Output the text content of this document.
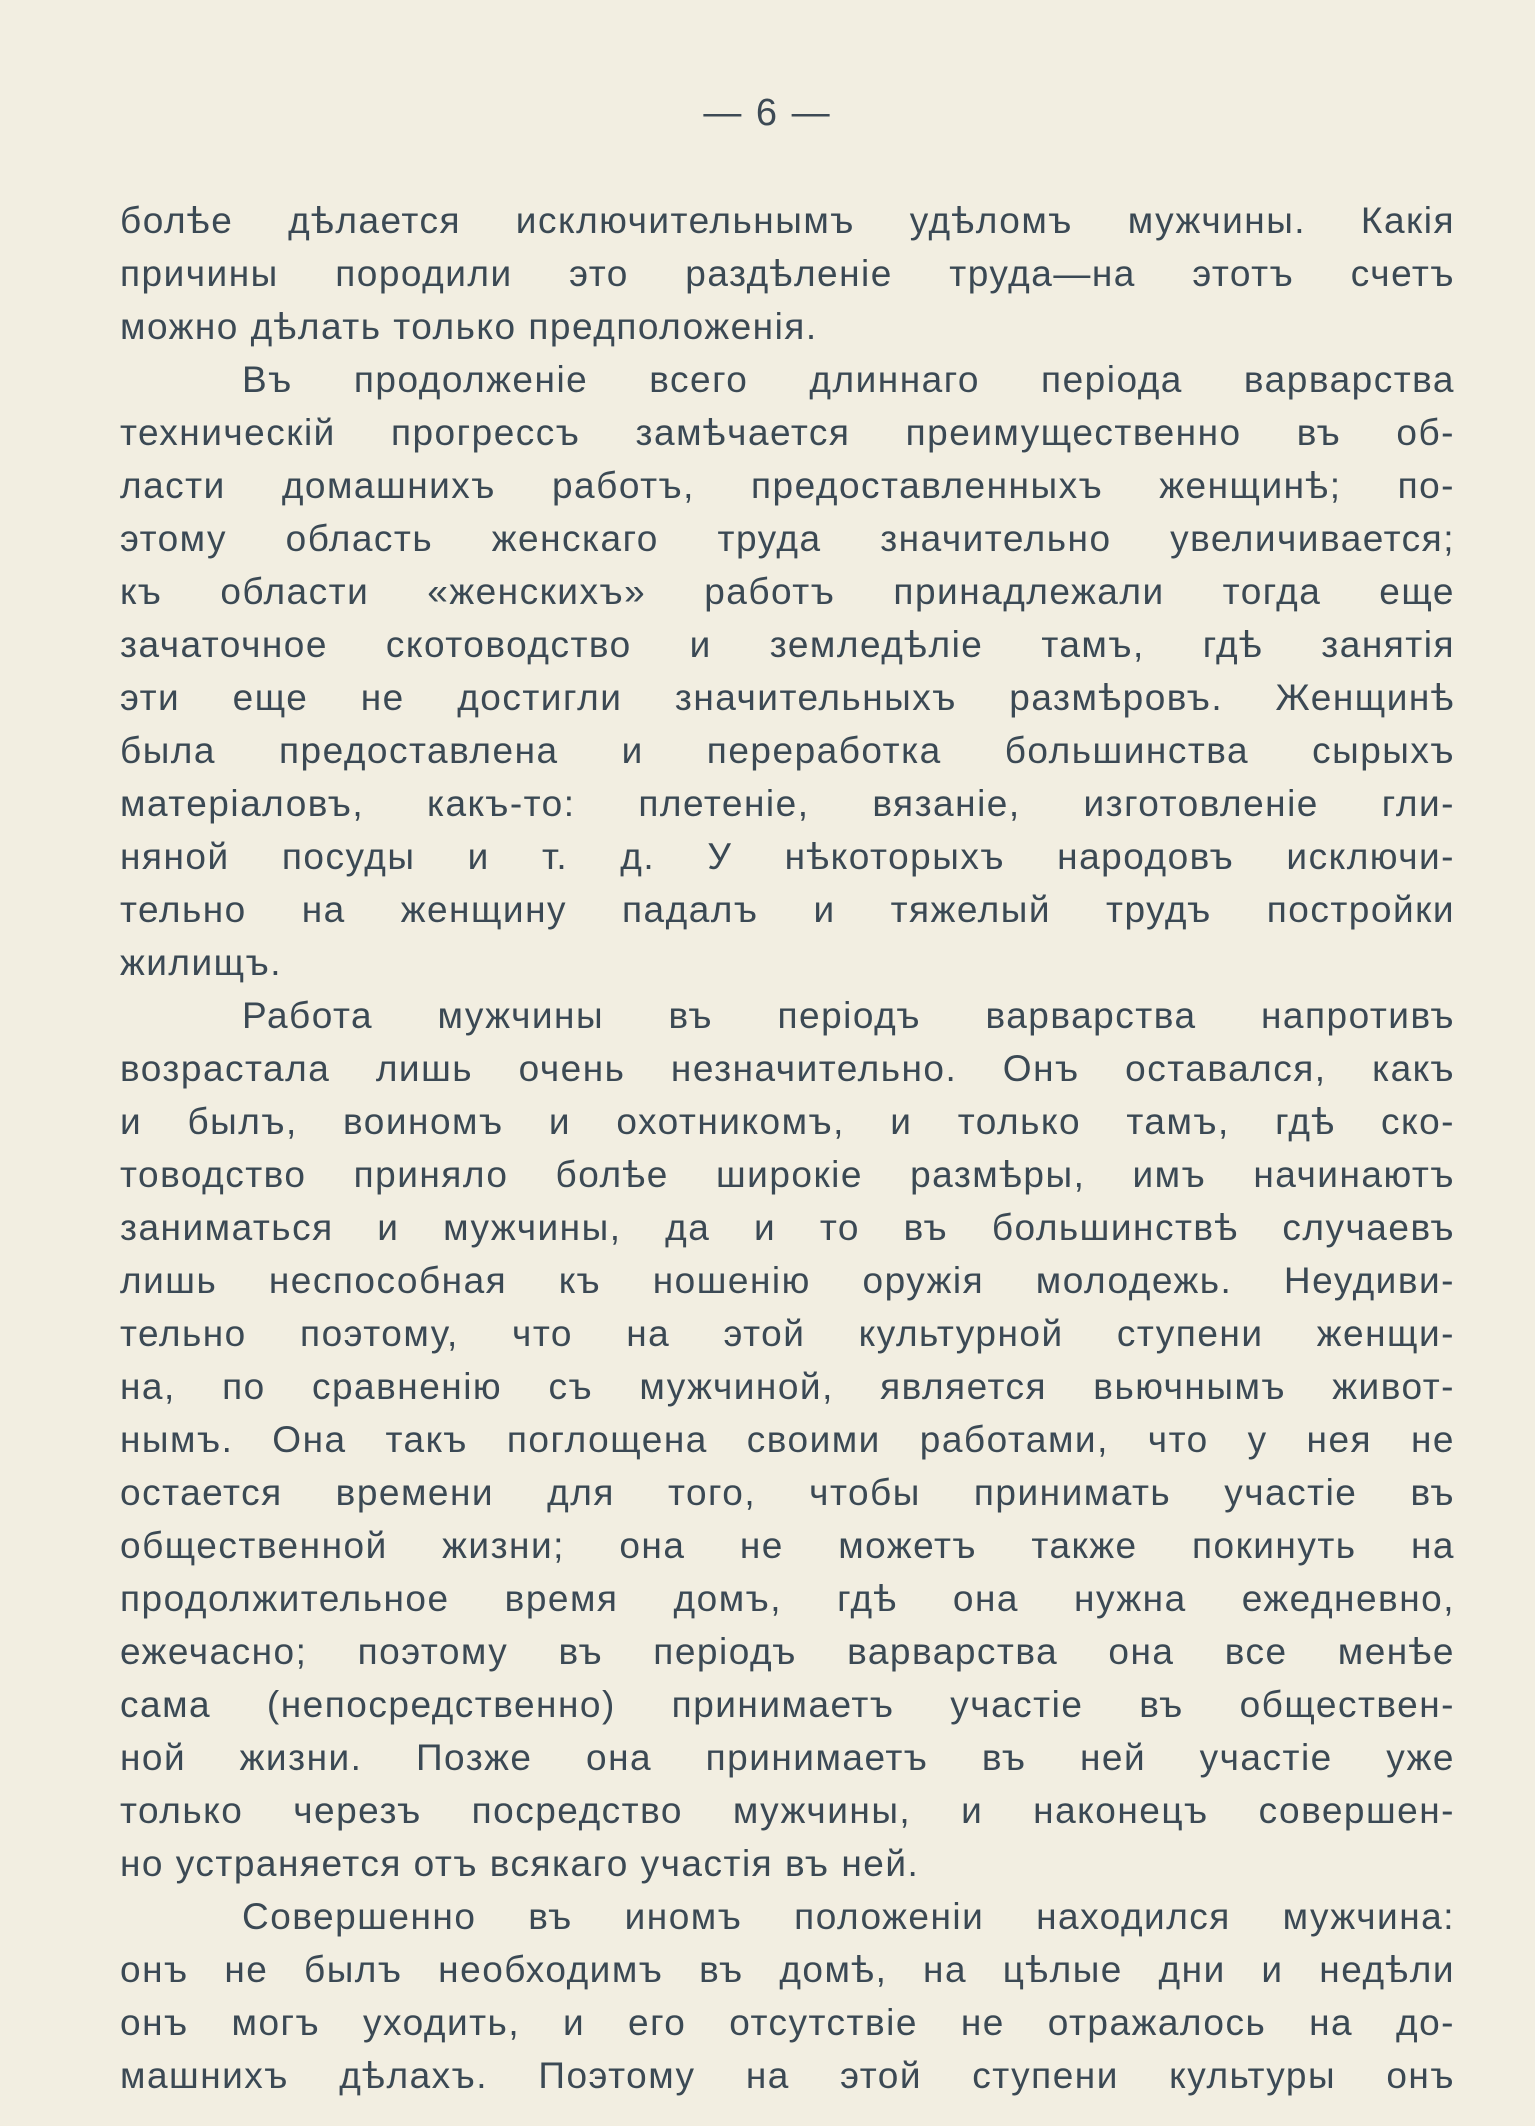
— 6 —
болѣе дѣлается исключительнымъ удѣломъ мужчины. Какія
причины породили это раздѣленіе труда—на этотъ счетъ
можно дѣлать только предположенія.
Въ продолженіе всего длиннаго періода варварства
техническій прогрессъ замѣчается преимущественно въ об-
ласти домашнихъ работъ, предоставленныхъ женщинѣ; по-
этому область женскаго труда значительно увеличивается;
къ области «женскихъ» работъ принадлежали тогда еще
зачаточное скотоводство и земледѣліе тамъ, гдѣ занятія
эти еще не достигли значительныхъ размѣровъ. Женщинѣ
была предоставлена и переработка большинства сырыхъ
матеріаловъ, какъ-то: плетеніе, вязаніе, изготовленіе гли-
няной посуды и т. д. У нѣкоторыхъ народовъ исключи-
тельно на женщину падалъ и тяжелый трудъ постройки
жилищъ.
Работа мужчины въ періодъ варварства напротивъ
возрастала лишь очень незначительно. Онъ оставался, какъ
и былъ, воиномъ и охотникомъ, и только тамъ, гдѣ ско-
товодство приняло болѣе широкіе размѣры, имъ начинаютъ
заниматься и мужчины, да и то въ большинствѣ случаевъ
лишь неспособная къ ношенію оружія молодежь. Неудиви-
тельно поэтому, что на этой культурной ступени женщи-
на, по сравненію съ мужчиной, является вьючнымъ живот-
нымъ. Она такъ поглощена своими работами, что у нея не
остается времени для того, чтобы принимать участіе въ
общественной жизни; она не можетъ также покинуть на
продолжительное время домъ, гдѣ она нужна ежедневно,
ежечасно; поэтому въ періодъ варварства она все менѣе
сама (непосредственно) принимаетъ участіе въ обществен-
ной жизни. Позже она принимаетъ въ ней участіе уже
только черезъ посредство мужчины, и наконецъ совершен-
но устраняется отъ всякаго участія въ ней.
Совершенно въ иномъ положеніи находился мужчина:
онъ не былъ необходимъ въ домѣ, на цѣлые дни и недѣли
онъ могъ уходить, и его отсутствіе не отражалось на до-
машнихъ дѣлахъ. Поэтому на этой ступени культуры онъ
